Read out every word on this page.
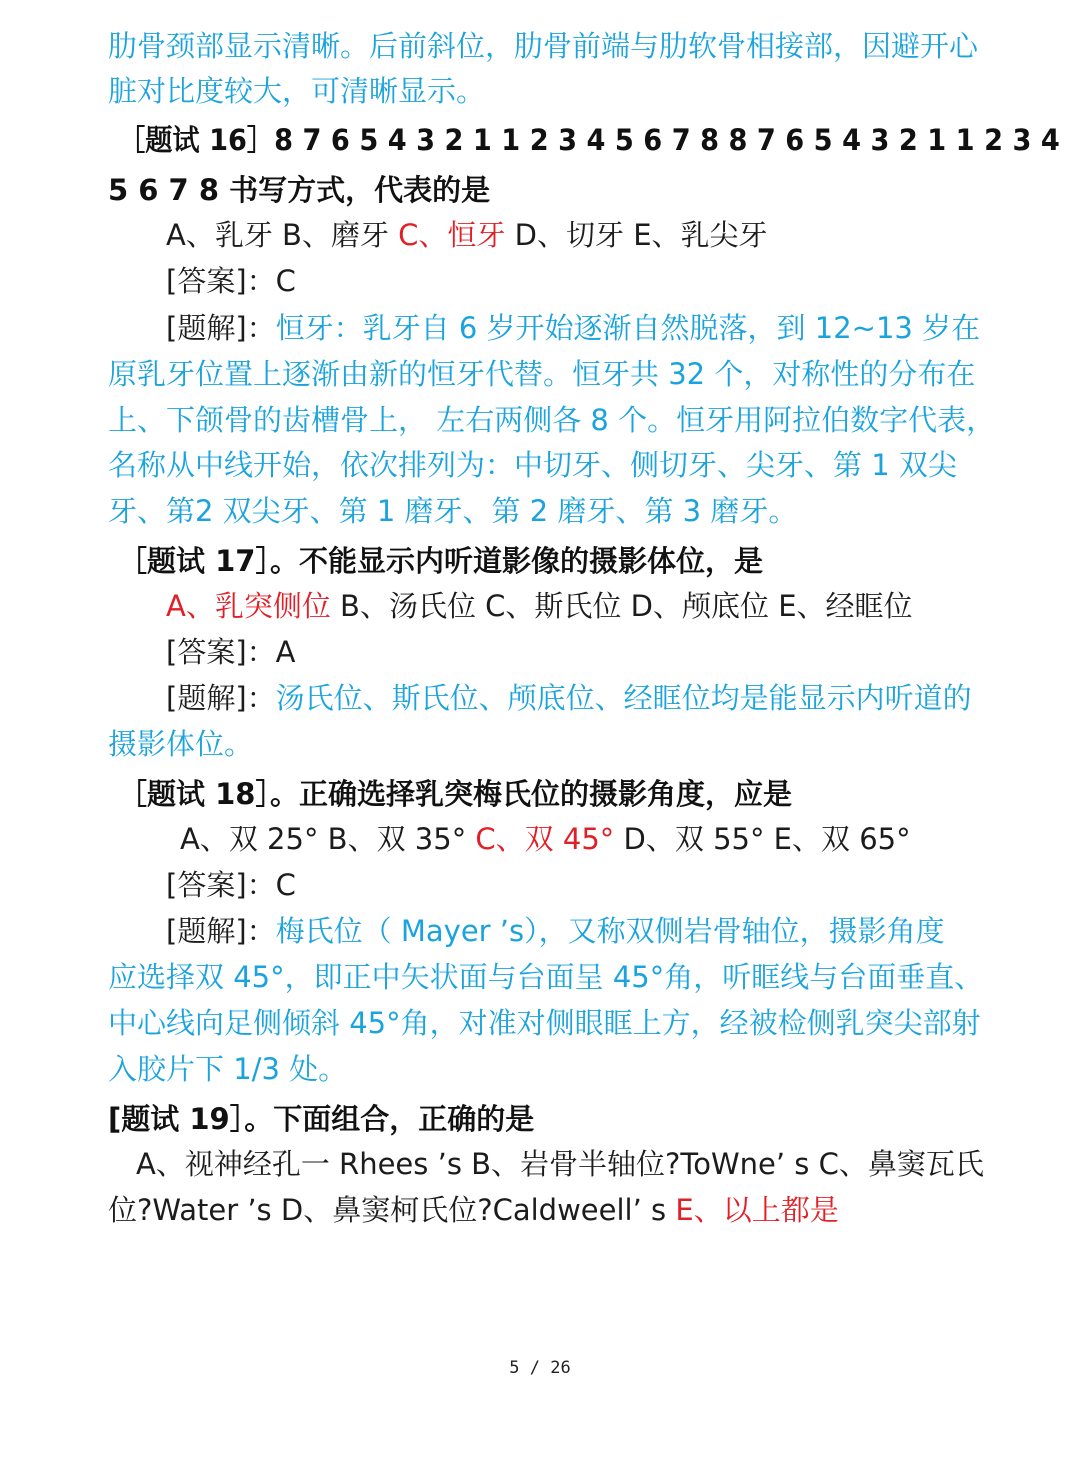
肋骨颈部显示清晰。后前斜位，肋骨前端与肋软骨相接部，因避开心
脏对比度较大，可清晰显示。
［题试 16］8 7 6 5 4 3 2 1 1 2 3 4 5 6 7 8 8 7 6 5 4 3 2 1 1 2 3 4
5 6 7 8 书写方式，代表的是
A、乳牙 B、磨牙 C、恒牙 D、切牙 E、乳尖牙
[答案]：C
[题解]：恒牙：乳牙自 6 岁开始逐渐自然脱落，到 12~13 岁在
原乳牙位置上逐渐由新的恒牙代替。恒牙共 32 个，对称性的分布在
上、下颌骨的齿槽骨上， 左右两侧各 8 个。恒牙用阿拉伯数字代表，
名称从中线开始，依次排列为：中切牙、侧切牙、尖牙、第 1 双尖
牙、第2 双尖牙、第 1 磨牙、第 2 磨牙、第 3 磨牙。
［题试 17］。不能显示内听道影像的摄影体位，是
A、乳突侧位 B、汤氏位 C、斯氏位 D、颅底位 E、经眶位
[答案]：A
[题解]：汤氏位、斯氏位、颅底位、经眶位均是能显示内听道的
摄影体位。
［题试 18］。正确选择乳突梅氏位的摄影角度，应是
A、双 25° B、双 35° C、双 45° D、双 55° E、双 65°
[答案]：C
[题解]：梅氏位（ Mayer ’s），又称双侧岩骨轴位，摄影角度
应选择双 45°，即正中矢状面与台面呈 45°角，听眶线与台面垂直、
中心线向足侧倾斜 45°角，对准对侧眼眶上方，经被检侧乳突尖部射
入胶片下 1/3 处。
[题试 19］。下面组合，正确的是
A、视神经孔一 Rhees ’s B、岩骨半轴位?ToWne’ s C、鼻窦瓦氏
位?Water ’s D、鼻窦柯氏位?Caldweell’ s E、以上都是
5 / 26
